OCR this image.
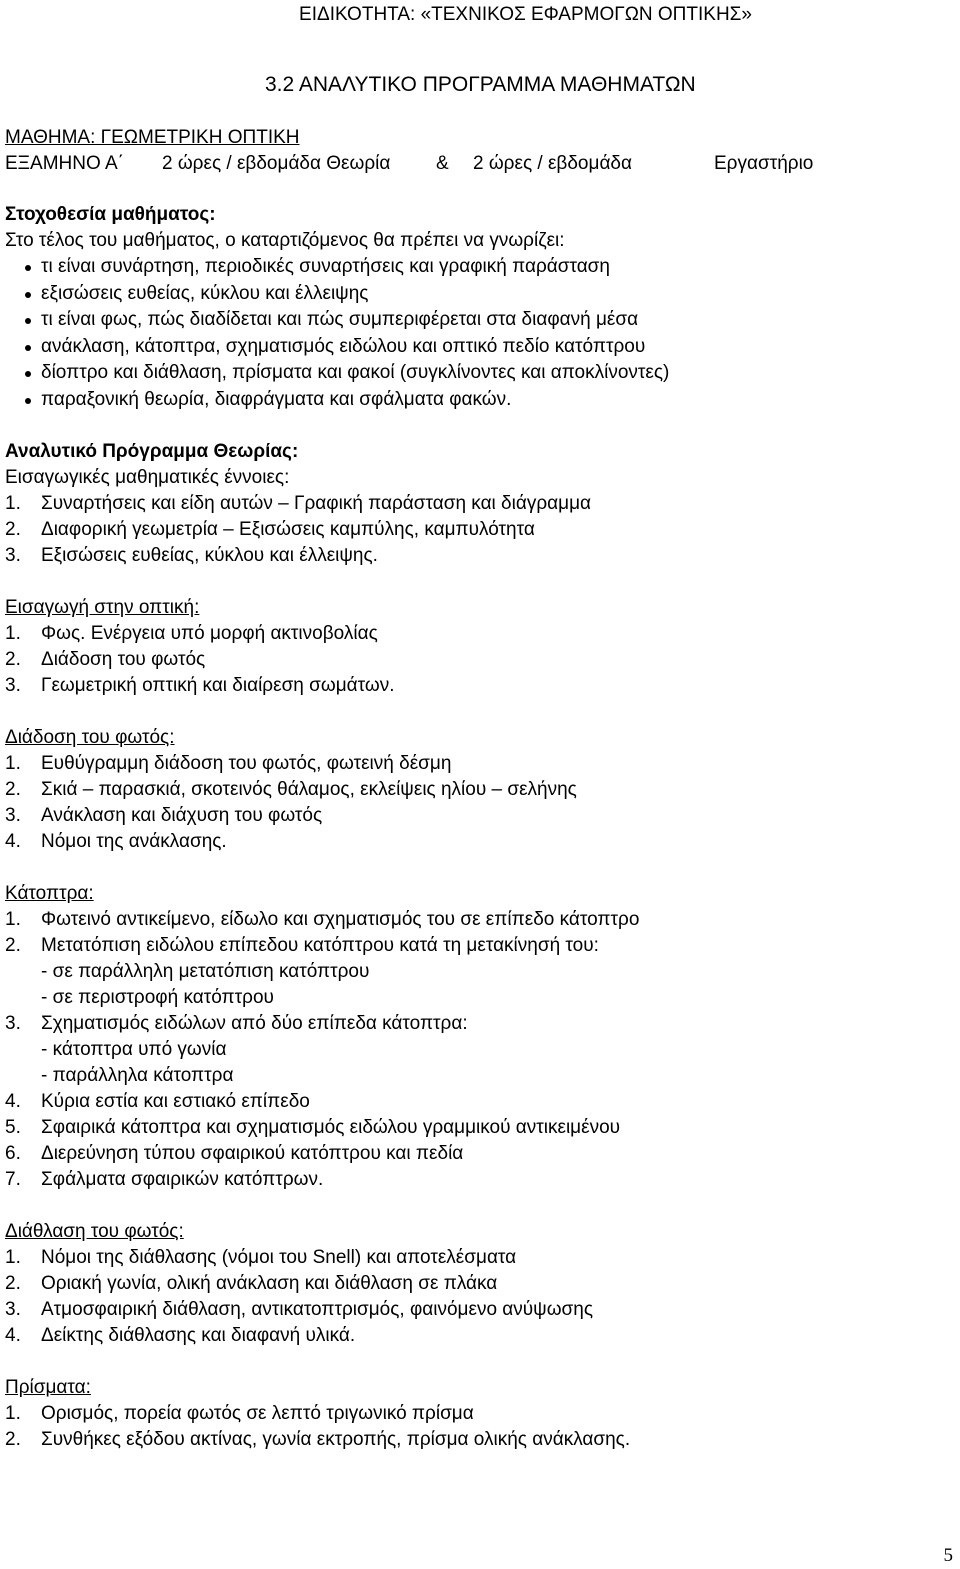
ΕΙΔΙΚΟΤΗΤΑ: «ΤΕΧΝΙΚΟΣ ΕΦΑΡΜΟΓΩΝ ΟΠΤΙΚΗΣ»
3.2 ΑΝΑΛΥΤΙΚΟ ΠΡΟΓΡΑΜΜΑ ΜΑΘΗΜΑΤΩΝ
ΜΑΘΗΜΑ: ΓΕΩΜΕΤΡΙΚΗ ΟΠΤΙΚΗ
ΕΞΑΜΗΝΟ Α΄	2 ώρες / εβδομάδα Θεωρία	&	2 ώρες / εβδομάδα	Εργαστήριο
Στοχοθεσία μαθήματος:
Στο τέλος του μαθήματος, ο καταρτιζόμενος θα πρέπει να γνωρίζει:
τι είναι συνάρτηση, περιοδικές συναρτήσεις και γραφική παράσταση
εξισώσεις ευθείας, κύκλου και έλλειψης
τι είναι φως, πώς διαδίδεται και πώς συμπεριφέρεται στα διαφανή μέσα
ανάκλαση, κάτοπτρα, σχηματισμός ειδώλου και οπτικό πεδίο κατόπτρου
δίοπτρο και διάθλαση, πρίσματα και φακοί (συγκλίνοντες και αποκλίνοντες)
παραξονική θεωρία, διαφράγματα και σφάλματα φακών.
Αναλυτικό Πρόγραμμα Θεωρίας:
Εισαγωγικές μαθηματικές έννοιες:
1. Συναρτήσεις και είδη αυτών – Γραφική παράσταση και διάγραμμα
2. Διαφορική γεωμετρία – Εξισώσεις καμπύλης, καμπυλότητα
3. Εξισώσεις ευθείας, κύκλου και έλλειψης.
Εισαγωγή στην οπτική:
1. Φως. Ενέργεια υπό μορφή ακτινοβολίας
2. Διάδοση του φωτός
3. Γεωμετρική οπτική και διαίρεση σωμάτων.
Διάδοση του φωτός:
1. Ευθύγραμμη διάδοση του φωτός, φωτεινή δέσμη
2. Σκιά – παρασκιά, σκοτεινός θάλαμος, εκλείψεις ηλίου – σελήνης
3. Ανάκλαση και διάχυση του φωτός
4. Νόμοι της ανάκλασης.
Κάτοπτρα:
1. Φωτεινό αντικείμενο, είδωλο και σχηματισμός του σε επίπεδο κάτοπτρο
2. Μετατόπιση ειδώλου επίπεδου κατόπτρου κατά τη μετακίνησή του:
- σε παράλληλη μετατόπιση κατόπτρου
- σε περιστροφή κατόπτρου
3. Σχηματισμός ειδώλων από δύο επίπεδα κάτοπτρα:
- κάτοπτρα υπό γωνία
- παράλληλα κάτοπτρα
4. Κύρια εστία και εστιακό επίπεδο
5. Σφαιρικά κάτοπτρα και σχηματισμός ειδώλου γραμμικού αντικειμένου
6. Διερεύνηση τύπου σφαιρικού κατόπτρου και πεδία
7. Σφάλματα σφαιρικών κατόπτρων.
Διάθλαση του φωτός:
1. Νόμοι της διάθλασης (νόμοι του Snell) και αποτελέσματα
2. Οριακή γωνία, ολική ανάκλαση και διάθλαση σε πλάκα
3. Ατμοσφαιρική διάθλαση, αντικατοπτρισμός, φαινόμενο ανύψωσης
4. Δείκτης διάθλασης και διαφανή υλικά.
Πρίσματα:
1. Ορισμός, πορεία φωτός σε λεπτό τριγωνικό πρίσμα
2. Συνθήκες εξόδου ακτίνας, γωνία εκτροπής, πρίσμα ολικής ανάκλασης.
5
